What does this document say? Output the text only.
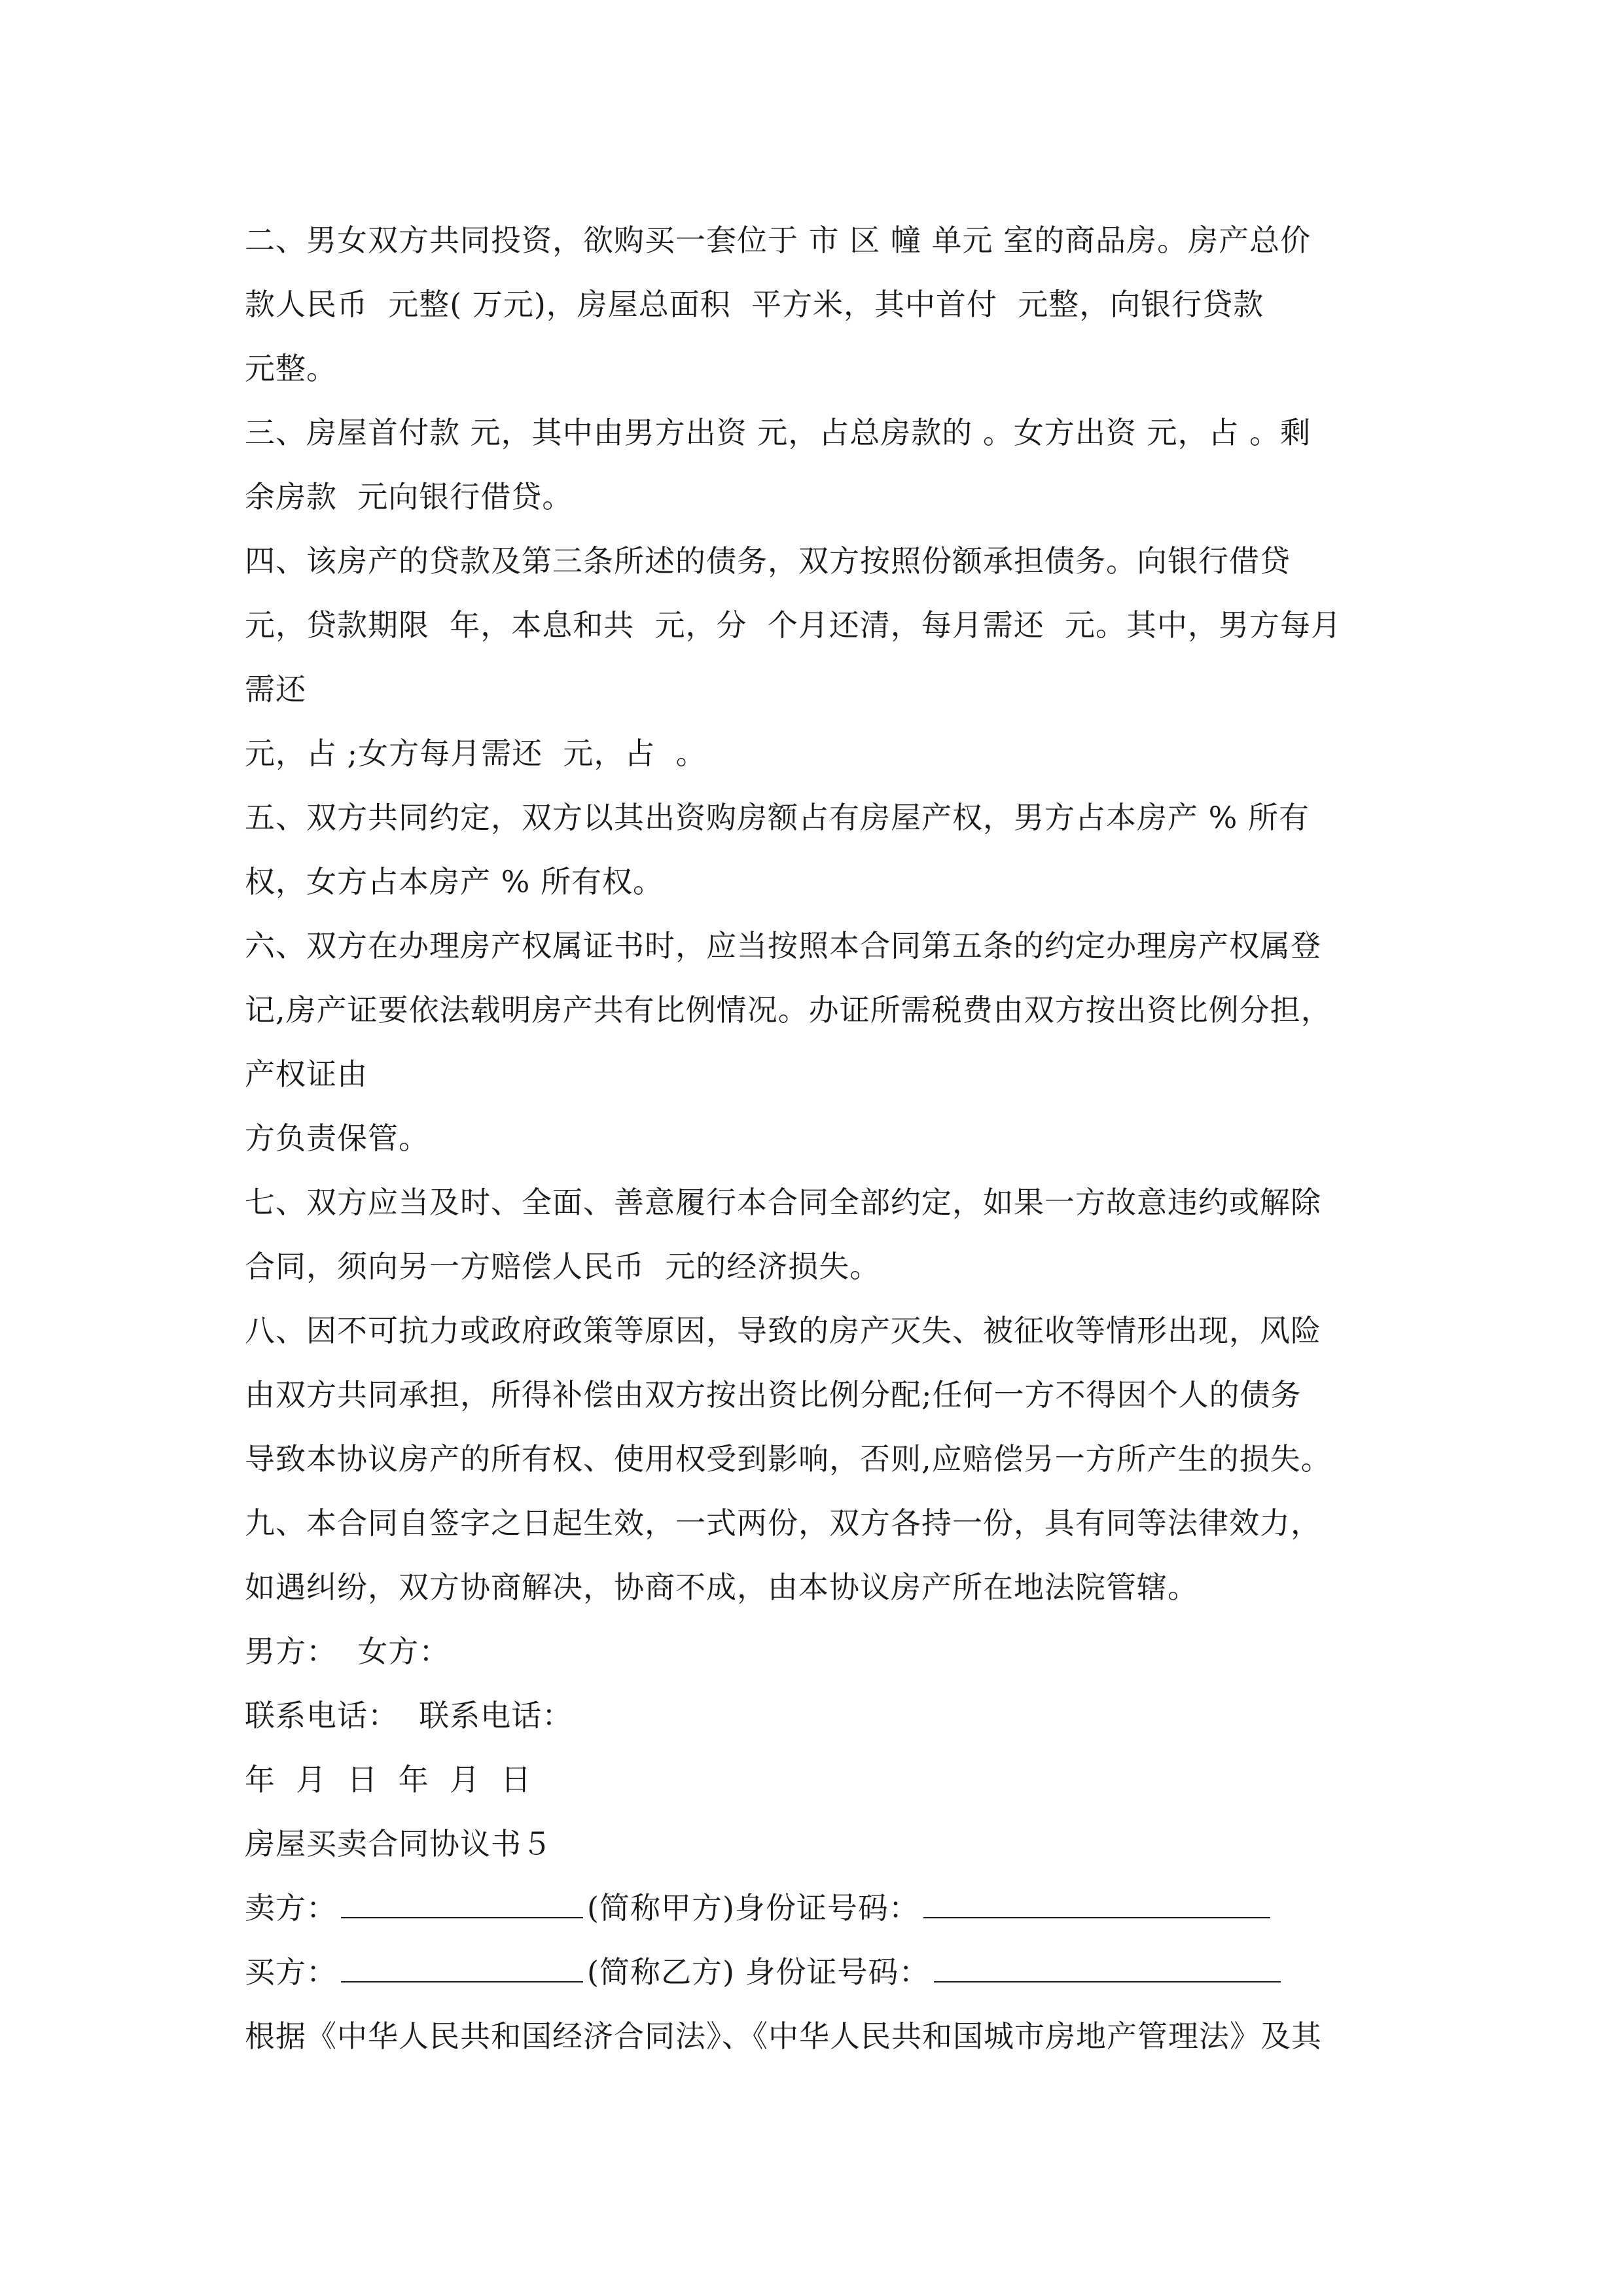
二、男女双方共同投资，欲购买一套位于 市 区 幢 单元 室的商品房。房产总价
款人民币  元整( 万元)，房屋总面积  平方米，其中首付  元整，向银行贷款
元整。
三、房屋首付款 元，其中由男方出资 元，占总房款的 。女方出资 元，占 。剩
余房款  元向银行借贷。
四、该房产的贷款及第三条所述的债务，双方按照份额承担债务。向银行借贷
元，贷款期限  年，本息和共  元，分  个月还清，每月需还  元。其中，男方每月
需还
元，占 ;女方每月需还  元，占  。
五、双方共同约定，双方以其出资购房额占有房屋产权，男方占本房产 % 所有
权，女方占本房产 % 所有权。
六、双方在办理房产权属证书时，应当按照本合同第五条的约定办理房产权属登
记,房产证要依法载明房产共有比例情况。办证所需税费由双方按出资比例分担，
产权证由
方负责保管。
七、双方应当及时、全面、善意履行本合同全部约定，如果一方故意违约或解除
合同，须向另一方赔偿人民币  元的经济损失。
八、因不可抗力或政府政策等原因，导致的房产灭失、被征收等情形出现，风险
由双方共同承担，所得补偿由双方按出资比例分配;任何一方不得因个人的债务
导致本协议房产的所有权、使用权受到影响，否则,应赔偿另一方所产生的损失。
九、本合同自签字之日起生效，一式两份，双方各持一份，具有同等法律效力，
如遇纠纷，双方协商解决，协商不成，由本协议房产所在地法院管辖。
男方：  女方：
联系电话：  联系电话：
年  月  日  年  月  日
房屋买卖合同协议书５
卖方：	(简称甲方)身份证号码：
买方：	(简称乙方) 身份证号码：
根据《中华人民共和国经济合同法》、《中华人民共和国城市房地产管理法》及其
